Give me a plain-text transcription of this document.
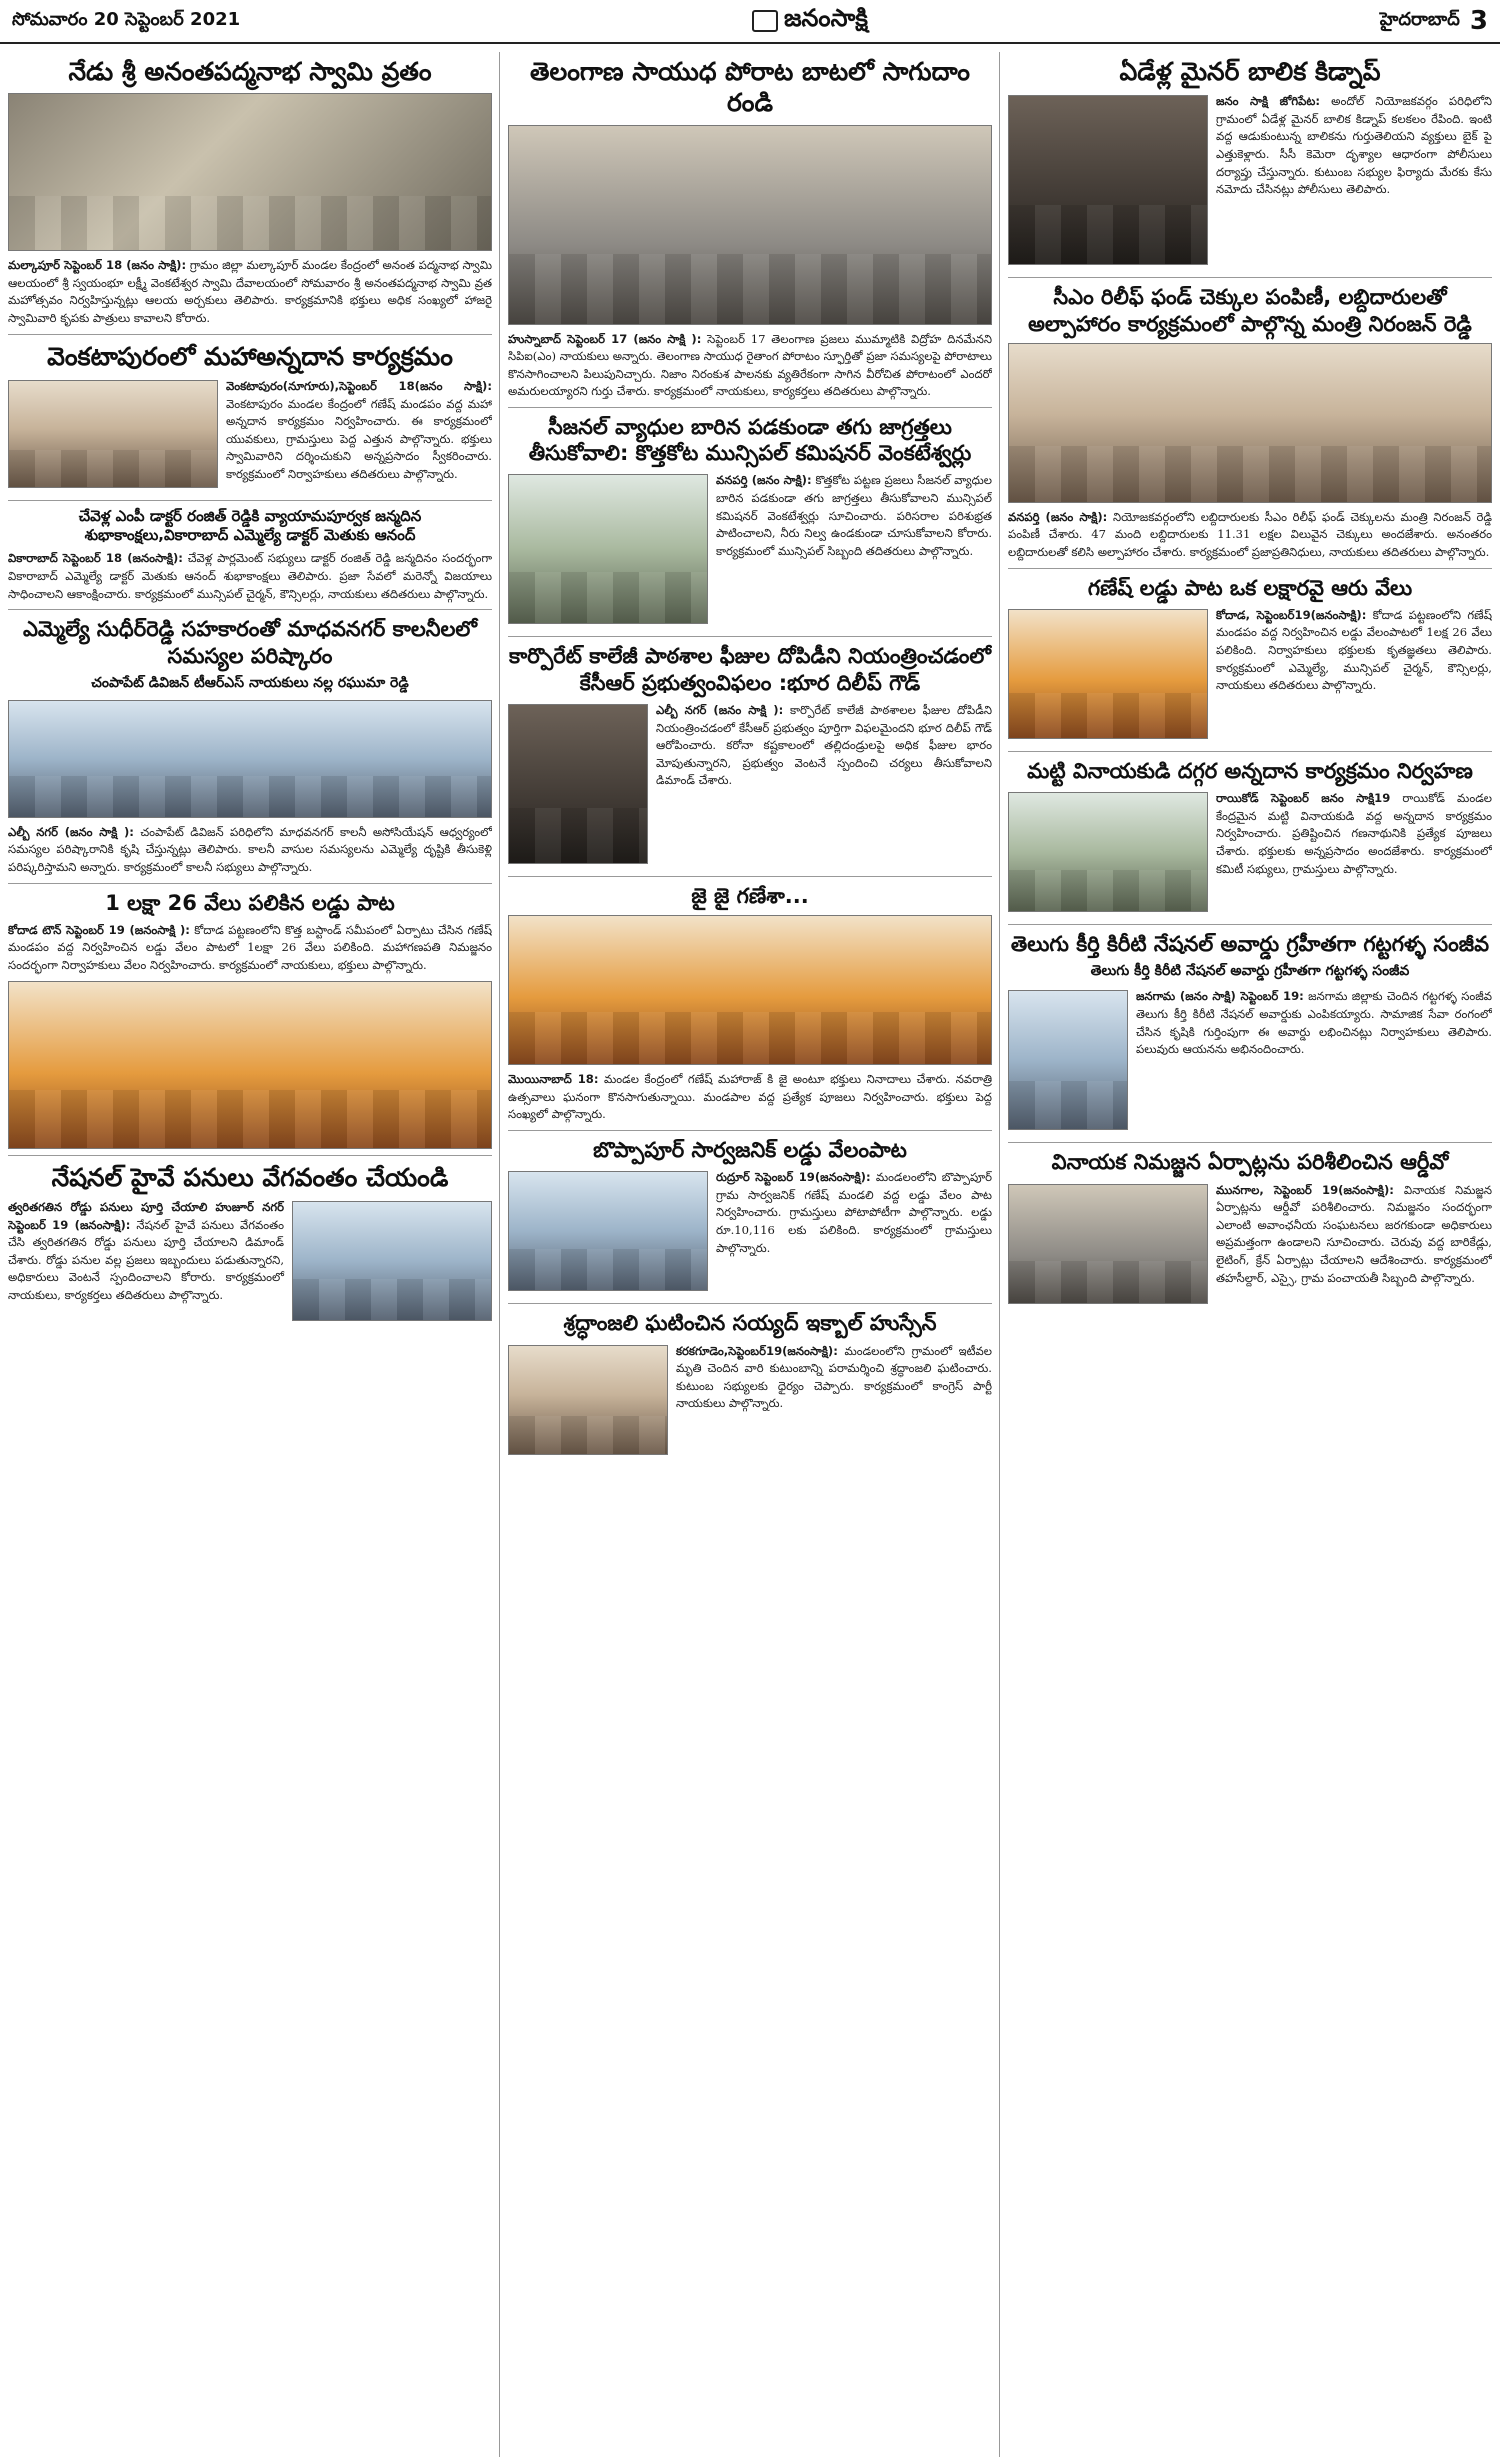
సోమవారం 20 సెప్టెంబర్ 2021	జనంసాక్షి	హైదరాబాద్ 3
నేడు శ్రీ అనంతపద్మనాభ స్వామి వ్రతం

మల్కాపూర్ సెప్టెంబర్ 18 (జనం సాక్షి): గ్రామం జిల్లా మల్కాపూర్ మండల కేంద్రంలో అనంత పద్మనాభ స్వామి ఆలయంలో శ్రీ స్వయంభూ లక్ష్మీ వెంకటేశ్వర స్వామి దేవాలయంలో సోమవారం శ్రీ అనంతపద్మనాభ స్వామి వ్రత మహోత్సవం నిర్వహిస్తున్నట్లు ఆలయ అర్చకులు తెలిపారు. కార్యక్రమానికి భక్తులు అధిక సంఖ్యలో హాజరై స్వామివారి కృపకు పాత్రులు కావాలని కోరారు.

వెంకటాపురంలో మహాఅన్నదాన కార్యక్రమం

వెంకటాపురం(నూగూరు),సెప్టెంబర్ 18(జనం సాక్షి): వెంకటాపురం మండల కేంద్రంలో గణేష్ మండపం వద్ద మహా అన్నదాన కార్యక్రమం నిర్వహించారు. ఈ కార్యక్రమంలో యువకులు, గ్రామస్తులు పెద్ద ఎత్తున పాల్గొన్నారు. భక్తులు స్వామివారిని దర్శించుకుని అన్నప్రసాదం స్వీకరించారు. కార్యక్రమంలో నిర్వాహకులు తదితరులు పాల్గొన్నారు.

చేవెళ్ల ఎంపీ డాక్టర్ రంజిత్ రెడ్డికి వ్యాయామపూర్వక జన్మదిన శుభాకాంక్షలు,వికారాబాద్ ఎమ్మెల్యే డాక్టర్ మెతుకు ఆనంద్

వికారాబాద్ సెప్టెంబర్ 18 (జనంసాక్షి): చేవెళ్ల పార్లమెంట్ సభ్యులు డాక్టర్ రంజిత్ రెడ్డి జన్మదినం సందర్భంగా వికారాబాద్ ఎమ్మెల్యే డాక్టర్ మెతుకు ఆనంద్ శుభాకాంక్షలు తెలిపారు. ప్రజా సేవలో మరెన్నో విజయాలు సాధించాలని ఆకాంక్షించారు. కార్యక్రమంలో మున్సిపల్ చైర్మన్, కౌన్సిలర్లు, నాయకులు తదితరులు పాల్గొన్నారు.

ఎమ్మెల్యే సుధీర్‌రెడ్డి సహకారంతో మాధవనగర్ కాలనీలలో సమస్యల పరిష్కారం
చంపాపేట్ డివిజన్ టీఆర్ఎస్ నాయకులు నల్ల రఘుమా రెడ్డి

ఎల్బీ నగర్ (జనం సాక్షి ): చంపాపేట్ డివిజన్ పరిధిలోని మాధవనగర్ కాలనీ అసోసియేషన్ ఆధ్వర్యంలో సమస్యల పరిష్కారానికి కృషి చేస్తున్నట్లు తెలిపారు. కాలనీ వాసుల సమస్యలను ఎమ్మెల్యే దృష్టికి తీసుకెళ్లి పరిష్కరిస్తామని అన్నారు. కార్యక్రమంలో కాలనీ సభ్యులు పాల్గొన్నారు.

1 లక్షా 26 వేలు పలికిన లడ్డు పాట

కోదాడ టౌన్ సెప్టెంబర్ 19 (జనంసాక్షి ): కోదాడ పట్టణంలోని కొత్త బస్టాండ్ సమీపంలో ఏర్పాటు చేసిన గణేష్ మండపం వద్ద నిర్వహించిన లడ్డు వేలం పాటలో 1లక్షా 26 వేలు పలికింది. మహాగణపతి నిమజ్జనం సందర్భంగా నిర్వాహకులు వేలం నిర్వహించారు. కార్యక్రమంలో నాయకులు, భక్తులు పాల్గొన్నారు.

నేషనల్ హైవే పనులు వేగవంతం చేయండి

త్వరితగతిన రోడ్డు పనులు పూర్తి చేయాలి హుజూర్ నగర్ సెప్టెంబర్ 19 (జనంసాక్షి): నేషనల్ హైవే పనులు వేగవంతం చేసి త్వరితగతిన రోడ్డు పనులు పూర్తి చేయాలని డిమాండ్ చేశారు. రోడ్డు పనుల వల్ల ప్రజలు ఇబ్బందులు పడుతున్నారని, అధికారులు వెంటనే స్పందించాలని కోరారు. కార్యక్రమంలో నాయకులు, కార్యకర్తలు తదితరులు పాల్గొన్నారు.

తెలంగాణ సాయుధ పోరాట బాటలో సాగుదాం రండి

హుస్నాబాద్ సెప్టెంబర్ 17 (జనం సాక్షి ): సెప్టెంబర్ 17 తెలంగాణ ప్రజలు ముమ్మాటికి విద్రోహ దినమేనని సిపిఐ(ఎం) నాయకులు అన్నారు. తెలంగాణ సాయుధ రైతాంగ పోరాటం స్ఫూర్తితో ప్రజా సమస్యలపై పోరాటాలు కొనసాగించాలని పిలుపునిచ్చారు. నిజాం నిరంకుశ పాలనకు వ్యతిరేకంగా సాగిన వీరోచిత పోరాటంలో ఎందరో అమరులయ్యారని గుర్తు చేశారు. కార్యక్రమంలో నాయకులు, కార్యకర్తలు తదితరులు పాల్గొన్నారు.

సీజనల్ వ్యాధుల బారిన పడకుండా తగు జాగ్రత్తలు తీసుకోవాలి: కొత్తకోట మున్సిపల్ కమిషనర్ వెంకటేశ్వర్లు

వనపర్తి (జనం సాక్షి): కొత్తకోట పట్టణ ప్రజలు సీజనల్ వ్యాధుల బారిన పడకుండా తగు జాగ్రత్తలు తీసుకోవాలని మున్సిపల్ కమిషనర్ వెంకటేశ్వర్లు సూచించారు. పరిసరాల పరిశుభ్రత పాటించాలని, నీరు నిల్వ ఉండకుండా చూసుకోవాలని కోరారు. కార్యక్రమంలో మున్సిపల్ సిబ్బంది తదితరులు పాల్గొన్నారు.

కార్పొరేట్ కాలేజీ పాఠశాల ఫీజుల దోపిడీని నియంత్రించడంలో కేసీఆర్ ప్రభుత్వంవిఫలం :భూర దిలీప్ గౌడ్

ఎల్బీ నగర్ (జనం సాక్షి ): కార్పొరేట్ కాలేజీ పాఠశాలల ఫీజుల దోపిడీని నియంత్రించడంలో కేసీఆర్ ప్రభుత్వం పూర్తిగా విఫలమైందని భూర దిలీప్ గౌడ్ ఆరోపించారు. కరోనా కష్టకాలంలో తల్లిదండ్రులపై అధిక ఫీజుల భారం మోపుతున్నారని, ప్రభుత్వం వెంటనే స్పందించి చర్యలు తీసుకోవాలని డిమాండ్ చేశారు.

జై జై గణేశా...

మొయినాబాద్ 18: మండల కేంద్రంలో గణేష్ మహారాజ్ కి జై అంటూ భక్తులు నినాదాలు చేశారు. నవరాత్రి ఉత్సవాలు ఘనంగా కొనసాగుతున్నాయి. మండపాల వద్ద ప్రత్యేక పూజలు నిర్వహించారు. భక్తులు పెద్ద సంఖ్యలో పాల్గొన్నారు.

బొప్పాపూర్ సార్వజనిక్ లడ్డు వేలంపాట

రుద్రూర్ సెప్టెంబర్ 19(జనంసాక్షి): మండలంలోని బొప్పాపూర్ గ్రామ సార్వజనిక్ గణేష్ మండలి వద్ద లడ్డు వేలం పాట నిర్వహించారు. గ్రామస్తులు పోటాపోటీగా పాల్గొన్నారు. లడ్డు రూ.10,116 లకు పలికింది. కార్యక్రమంలో గ్రామస్తులు పాల్గొన్నారు.

శ్రద్ధాంజలి ఘటించిన సయ్యద్ ఇక్బాల్ హుస్సేన్

కరకగూడెం,సెప్టెంబర్19(జనంసాక్షి): మండలంలోని గ్రామంలో ఇటీవల మృతి చెందిన వారి కుటుంబాన్ని పరామర్శించి శ్రద్ధాంజలి ఘటించారు. కుటుంబ సభ్యులకు ధైర్యం చెప్పారు. కార్యక్రమంలో కాంగ్రెస్ పార్టీ నాయకులు పాల్గొన్నారు.

ఏడేళ్ల మైనర్ బాలిక కిడ్నాప్

జనం సాక్షి జోగిపేట: అందోల్ నియోజకవర్గం పరిధిలోని గ్రామంలో ఏడేళ్ల మైనర్ బాలిక కిడ్నాప్ కలకలం రేపింది. ఇంటి వద్ద ఆడుకుంటున్న బాలికను గుర్తుతెలియని వ్యక్తులు బైక్ పై ఎత్తుకెళ్లారు. సీసీ కెమెరా దృశ్యాల ఆధారంగా పోలీసులు దర్యాప్తు చేస్తున్నారు. కుటుంబ సభ్యుల ఫిర్యాదు మేరకు కేసు నమోదు చేసినట్లు పోలీసులు తెలిపారు.

సీఎం రిలీఫ్ ఫండ్ చెక్కుల పంపిణీ, లబ్దిదారులతో అల్పాహారం కార్యక్రమంలో పాల్గొన్న మంత్రి నిరంజన్ రెడ్డి

వనపర్తి (జనం సాక్షి): నియోజకవర్గంలోని లబ్దిదారులకు సీఎం రిలీఫ్ ఫండ్ చెక్కులను మంత్రి నిరంజన్ రెడ్డి పంపిణీ చేశారు. 47 మంది లబ్దిదారులకు 11.31 లక్షల విలువైన చెక్కులు అందజేశారు. అనంతరం లబ్దిదారులతో కలిసి అల్పాహారం చేశారు. కార్యక్రమంలో ప్రజాప్రతినిధులు, నాయకులు తదితరులు పాల్గొన్నారు.

గణేష్ లడ్డు పాట ఒక లక్షారవై ఆరు వేలు

కోదాడ, సెప్టెంబర్19(జనంసాక్షి): కోదాడ పట్టణంలోని గణేష్ మండపం వద్ద నిర్వహించిన లడ్డు వేలంపాటలో 1లక్ష 26 వేలు పలికింది. నిర్వాహకులు భక్తులకు కృతజ్ఞతలు తెలిపారు. కార్యక్రమంలో ఎమ్మెల్యే, మున్సిపల్ చైర్మన్, కౌన్సిలర్లు, నాయకులు తదితరులు పాల్గొన్నారు.

మట్టి వినాయకుడి దగ్గర అన్నదాన కార్యక్రమం నిర్వహణ

రాయికోడ్ సెప్టెంబర్ జనం సాక్షి19 రాయికోడ్ మండల కేంద్రమైన మట్టి వినాయకుడి వద్ద అన్నదాన కార్యక్రమం నిర్వహించారు. ప్రతిష్టించిన గణనాథునికి ప్రత్యేక పూజలు చేశారు. భక్తులకు అన్నప్రసాదం అందజేశారు. కార్యక్రమంలో కమిటీ సభ్యులు, గ్రామస్తులు పాల్గొన్నారు.

తెలుగు కీర్తి కిరీటి నేషనల్ అవార్డు గ్రహీతగా గట్టగళ్ళ సంజీవ
తెలుగు కీర్తి కిరీటి నేషనల్ అవార్డు గ్రహీతగా గట్టగళ్ళ సంజీవ

జనగామ (జనం సాక్షి) సెప్టెంబర్ 19: జనగామ జిల్లాకు చెందిన గట్టగళ్ళ సంజీవ తెలుగు కీర్తి కిరీటి నేషనల్ అవార్డుకు ఎంపికయ్యారు. సామాజిక సేవా రంగంలో చేసిన కృషికి గుర్తింపుగా ఈ అవార్డు లభించినట్లు నిర్వాహకులు తెలిపారు. పలువురు ఆయనను అభినందించారు.

వినాయక నిమజ్జన ఏర్పాట్లను పరిశీలించిన ఆర్డీవో

మునగాల, సెప్టెంబర్ 19(జనంసాక్షి): వినాయక నిమజ్జన ఏర్పాట్లను ఆర్డీవో పరిశీలించారు. నిమజ్జనం సందర్భంగా ఎలాంటి అవాంఛనీయ సంఘటనలు జరగకుండా అధికారులు అప్రమత్తంగా ఉండాలని సూచించారు. చెరువు వద్ద బారికేడ్లు, లైటింగ్, క్రేన్ ఏర్పాట్లు చేయాలని ఆదేశించారు. కార్యక్రమంలో తహసీల్దార్, ఎస్సై, గ్రామ పంచాయతీ సిబ్బంది పాల్గొన్నారు.
